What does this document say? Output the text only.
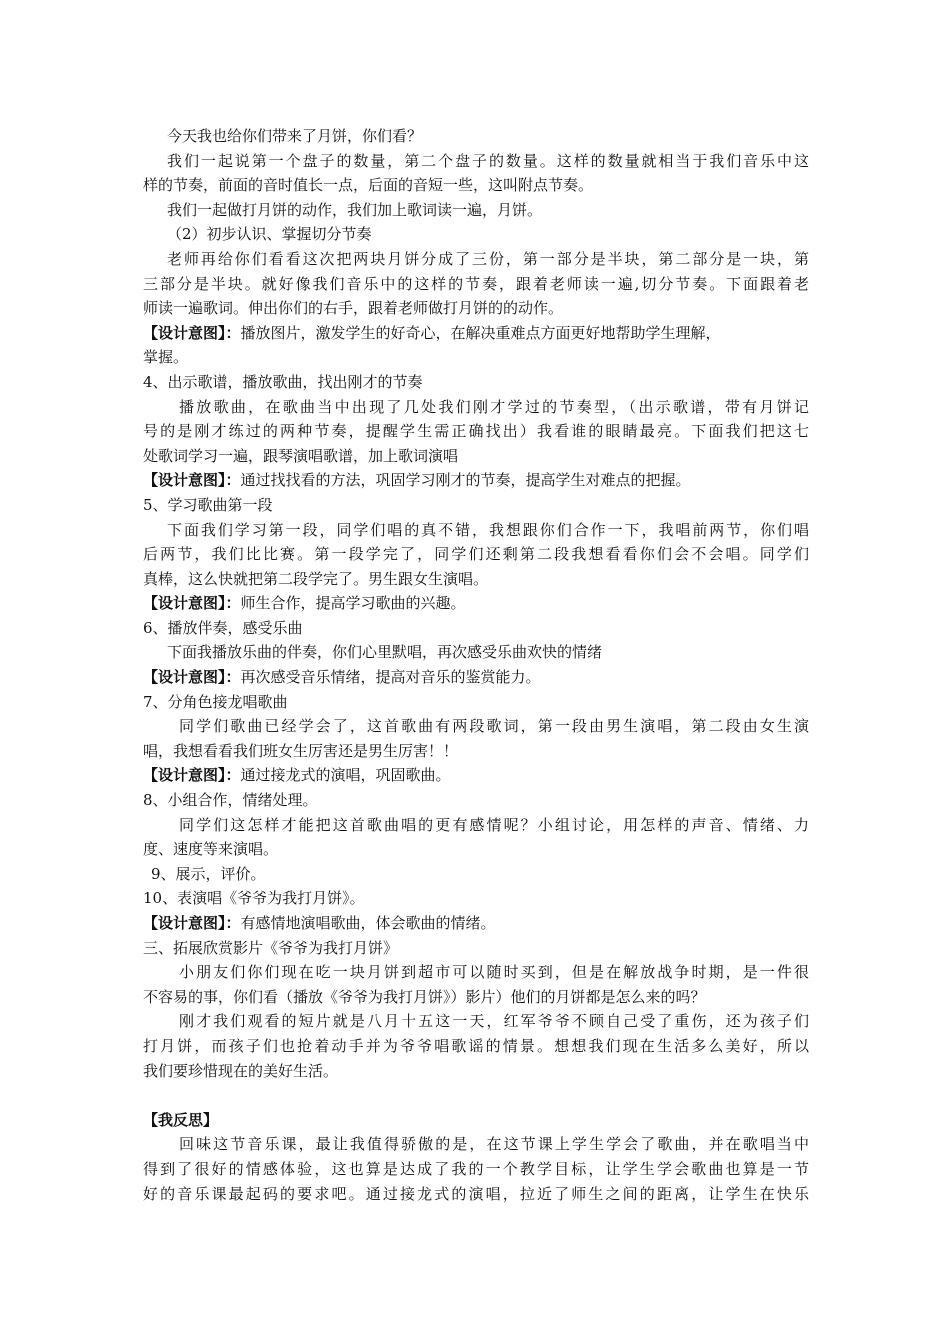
今天我也给你们带来了月饼，你们看？
我们一起说第一个盘子的数量，第二个盘子的数量。这样的数量就相当于我们音乐中这
样的节奏，前面的音时值长一点，后面的音短一些，这叫附点节奏。
我们一起做打月饼的动作，我们加上歌词读一遍，月饼。
（2）初步认识、掌握切分节奏
老师再给你们看看这次把两块月饼分成了三份，第一部分是半块，第二部分是一块，第
三部分是半块。就好像我们音乐中的这样的节奏，跟着老师读一遍,切分节奏。下面跟着老
师读一遍歌词。伸出你们的右手，跟着老师做打月饼的的动作。
【设计意图】：播放图片，激发学生的好奇心，在解决重难点方面更好地帮助学生理解，
掌握。
4、出示歌谱，播放歌曲，找出刚才的节奏
播放歌曲，在歌曲当中出现了几处我们刚才学过的节奏型，（出示歌谱，带有月饼记
号的是刚才练过的两种节奏，提醒学生需正确找出）我看谁的眼睛最亮。下面我们把这七
处歌词学习一遍，跟琴演唱歌谱，加上歌词演唱
【设计意图】：通过找找看的方法，巩固学习刚才的节奏，提高学生对难点的把握。
5、学习歌曲第一段
下面我们学习第一段，同学们唱的真不错，我想跟你们合作一下，我唱前两节，你们唱
后两节，我们比比赛。第一段学完了，同学们还剩第二段我想看看你们会不会唱。同学们
真棒，这么快就把第二段学完了。男生跟女生演唱。
【设计意图】：师生合作，提高学习歌曲的兴趣。
6、播放伴奏，感受乐曲
下面我播放乐曲的伴奏，你们心里默唱，再次感受乐曲欢快的情绪
【设计意图】：再次感受音乐情绪，提高对音乐的鉴赏能力。
7、分角色接龙唱歌曲
同学们歌曲已经学会了，这首歌曲有两段歌词，第一段由男生演唱，第二段由女生演
唱，我想看看我们班女生厉害还是男生厉害！！
【设计意图】：通过接龙式的演唱，巩固歌曲。
8、小组合作，情绪处理。
同学们这怎样才能把这首歌曲唱的更有感情呢？小组讨论，用怎样的声音、情绪、力
度、速度等来演唱。
9、展示，评价。
10、表演唱《爷爷为我打月饼》。
【设计意图】：有感情地演唱歌曲，体会歌曲的情绪。
三、拓展欣赏影片《爷爷为我打月饼》
小朋友们你们现在吃一块月饼到超市可以随时买到，但是在解放战争时期，是一件很
不容易的事，你们看（播放《爷爷为我打月饼》）影片）他们的月饼都是怎么来的吗？
刚才我们观看的短片就是八月十五这一天，红军爷爷不顾自己受了重伤，还为孩子们
打月饼，而孩子们也抢着动手并为爷爷唱歌谣的情景。想想我们现在生活多么美好，所以
我们要珍惜现在的美好生活。
【我反思】
回味这节音乐课，最让我值得骄傲的是，在这节课上学生学会了歌曲，并在歌唱当中
得到了很好的情感体验，这也算是达成了我的一个教学目标，让学生学会歌曲也算是一节
好的音乐课最起码的要求吧。通过接龙式的演唱，拉近了师生之间的距离，让学生在快乐
